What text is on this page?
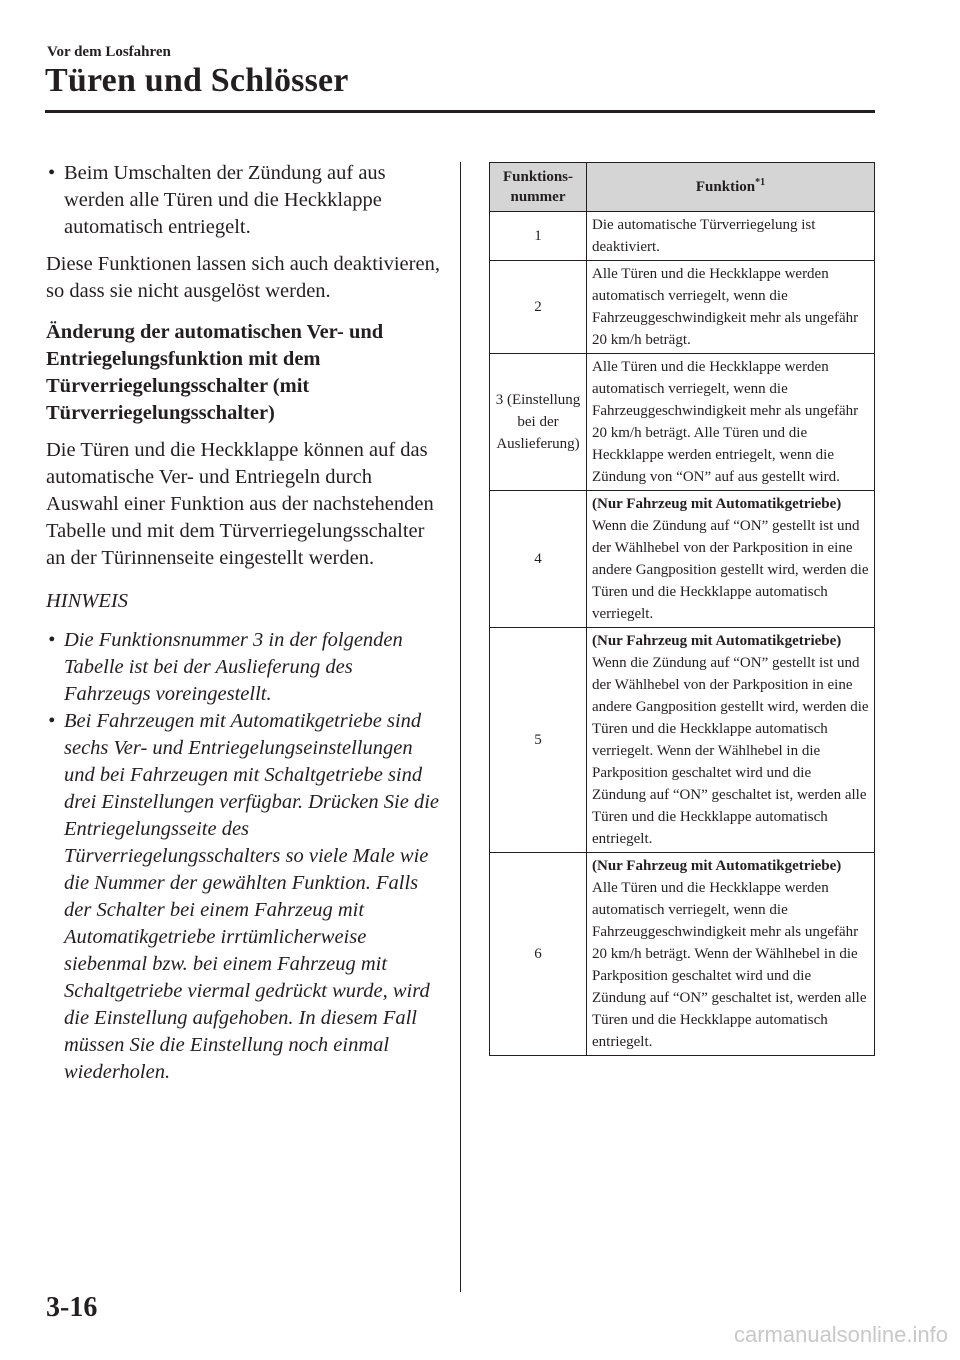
Vor dem Losfahren
Türen und Schlösser

• Beim Umschalten der Zündung auf aus werden alle Türen und die Heckklappe automatisch entriegelt.

Diese Funktionen lassen sich auch deaktivieren, so dass sie nicht ausgelöst werden.

Änderung der automatischen Ver- und Entriegelungsfunktion mit dem Türverriegelungsschalter (mit Türverriegelungsschalter)

Die Türen und die Heckklappe können auf das automatische Ver- und Entriegeln durch Auswahl einer Funktion aus der nachstehenden Tabelle und mit dem Türverriegelungsschalter an der Türinnenseite eingestellt werden.

HINWEIS

• Die Funktionsnummer 3 in der folgenden Tabelle ist bei der Auslieferung des Fahrzeugs voreingestellt.

• Bei Fahrzeugen mit Automatikgetriebe sind sechs Ver- und Entriegelungseinstellungen und bei Fahrzeugen mit Schaltgetriebe sind drei Einstellungen verfügbar. Drücken Sie die Entriegelungsseite des Türverriegelungsschalters so viele Male wie die Nummer der gewählten Funktion. Falls der Schalter bei einem Fahrzeug mit Automatikgetriebe irrtümlicherweise siebenmal bzw. bei einem Fahrzeug mit Schaltgetriebe viermal gedrückt wurde, wird die Einstellung aufgehoben. In diesem Fall müssen Sie die Einstellung noch einmal wiederholen.

Funktions-
nummer	Funktion$^{*1}$
1	Die automatische Türverriegelung ist deaktiviert.
2	Alle Türen und die Heckklappe werden automatisch verriegelt, wenn die Fahrzeuggeschwindigkeit mehr als ungefähr 20 km/h beträgt.
3 (Einstellung bei der Auslieferung)	Alle Türen und die Heckklappe werden automatisch verriegelt, wenn die Fahrzeuggeschwindigkeit mehr als ungefähr 20 km/h beträgt. Alle Türen und die Heckklappe werden entriegelt, wenn die Zündung von “ON” auf aus gestellt wird.
4	(Nur Fahrzeug mit Automatikgetriebe)
Wenn die Zündung auf “ON” gestellt ist und der Wählhebel von der Parkposition in eine andere Gangposition gestellt wird, werden die Türen und die Heckklappe automatisch verriegelt.

5	(Nur Fahrzeug mit Automatikgetriebe)
Wenn die Zündung auf “ON” gestellt ist und der Wählhebel von der Parkposition in eine andere Gangposition gestellt wird, werden die Türen und die Heckklappe automatisch verriegelt. Wenn der Wählhebel in die Parkposition geschaltet wird und die Zündung auf “ON” geschaltet ist, werden alle Türen und die Heckklappe automatisch entriegelt.

6	(Nur Fahrzeug mit Automatikgetriebe)
Alle Türen und die Heckklappe werden automatisch verriegelt, wenn die Fahrzeuggeschwindigkeit mehr als ungefähr 20 km/h beträgt. Wenn der Wählhebel in die Parkposition geschaltet wird und die Zündung auf “ON” geschaltet ist, werden alle Türen und die Heckklappe automatisch entriegelt.
3-16
carmanualsonline.info
